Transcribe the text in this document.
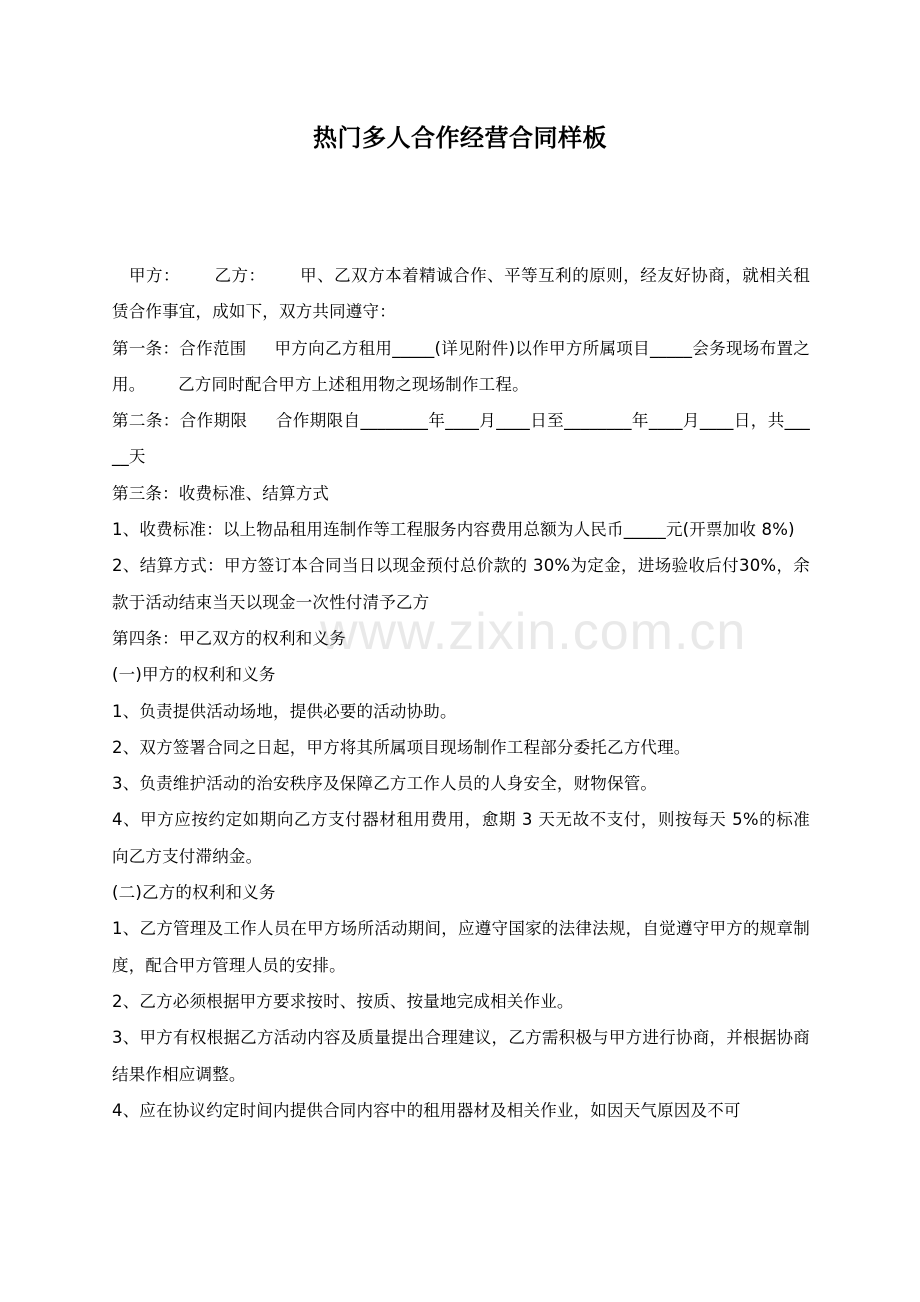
热门多人合作经营合同样板

甲方：      乙方：      甲、乙双方本着精诚合作、平等互利的原则，经友好协商，就相关租赁合作事宜，成如下，双方共同遵守：

第一条：合作范围     甲方向乙方租用_____(详见附件)以作甲方所属项目_____会务现场布置之用。      乙方同时配合甲方上述租用物之现场制作工程。

第二条：合作期限     合作期限自________年____月____日至________年____月____日，共_____天

第三条：收费标准、结算方式

1、收费标准：以上物品租用连制作等工程服务内容费用总额为人民币_____元(开票加收 8%)

2、结算方式：甲方签订本合同当日以现金预付总价款的 30%为定金，进场验收后付30%，余款于活动结束当天以现金一次性付清予乙方

第四条：甲乙双方的权利和义务

(一)甲方的权利和义务

1、负责提供活动场地，提供必要的活动协助。

2、双方签署合同之日起，甲方将其所属项目现场制作工程部分委托乙方代理。

3、负责维护活动的治安秩序及保障乙方工作人员的人身安全，财物保管。

4、甲方应按约定如期向乙方支付器材租用费用，愈期 3 天无故不支付，则按每天 5%的标准向乙方支付滞纳金。

(二)乙方的权利和义务

1、乙方管理及工作人员在甲方场所活动期间，应遵守国家的法律法规，自觉遵守甲方的规章制度，配合甲方管理人员的安排。

2、乙方必须根据甲方要求按时、按质、按量地完成相关作业。

3、甲方有权根据乙方活动内容及质量提出合理建议，乙方需积极与甲方进行协商，并根据协商结果作相应调整。

4、应在协议约定时间内提供合同内容中的租用器材及相关作业，如因天气原因及不可

www.zixin.com.cn
